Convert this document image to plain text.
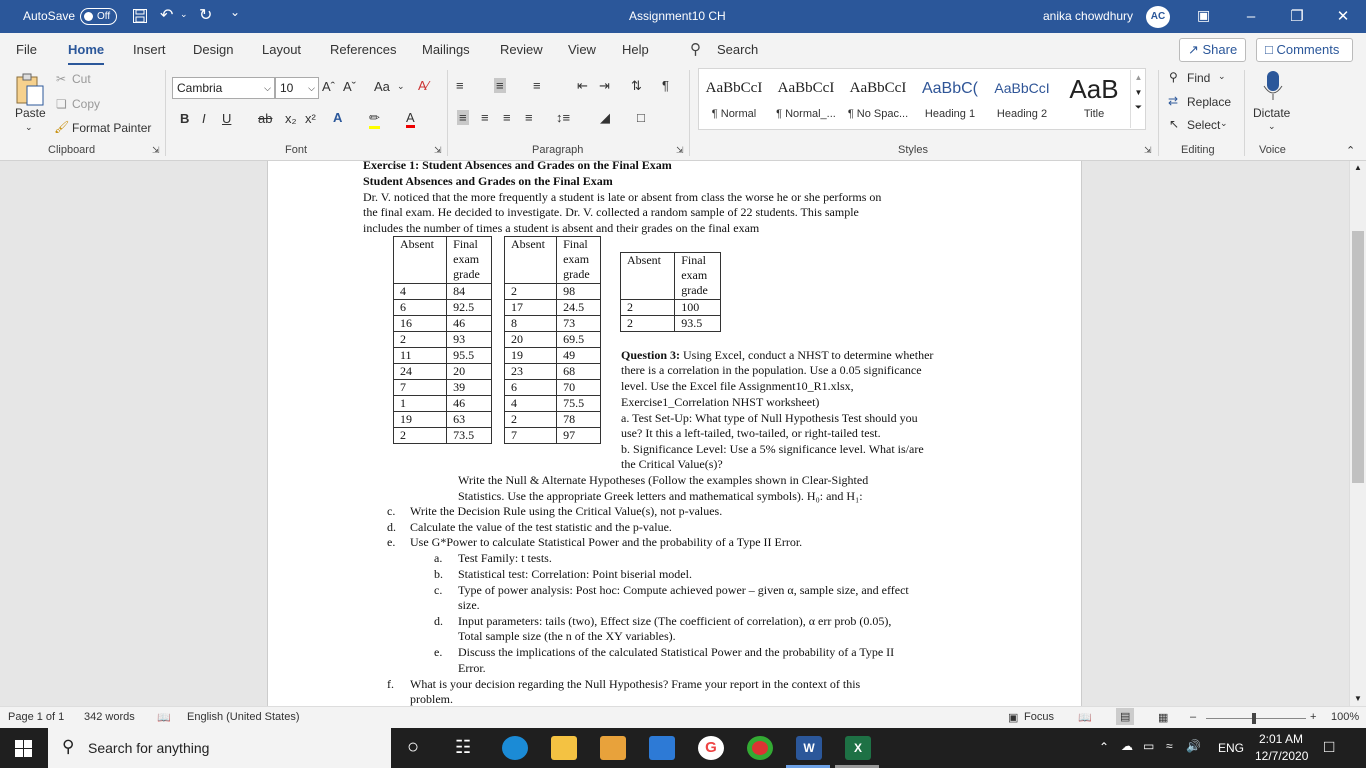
AutoSave Off	↶ ⌄ ↻ ⌄	Assignment10 CH	anika chowdhury	AC	▣	–	❐	✕
File Home Insert Design Layout References Mailings Review View Help	⚲ Search	↗ Share	□ Comments
Paste
⌄
✂ Cut
❏ Copy
🖌 Format Painter
Clipboard	⇲
Cambria	⌵ 10 ⌵ Aˆ Aˇ Aa ⌄ A∕
B I U ab x₂ x² A ✏ A
Font	⇲
≡ ≡ ≡	⇤ ⇥ ⇅ ¶
≡ ≡ ≡ ≡ ↕≡ ◢ □
Paragraph	⇲
AaBbCcI
¶ Normal
AaBbCcI
¶ Normal_...
AaBbCcI
¶ No Spac...
AaBbC(
Heading 1
AaBbCcI
Heading 2
AaB
Title
▲
▼
⏷
Styles	⇲
⚲ Find ⌄
⇄ Replace
↖ Select ⌄
Editing
Dictate
⌄
Voice	⌃
Exercise 1: Student Absences and Grades on the Final Exam
Student Absences and Grades on the Final Exam
Dr. V. noticed that the more frequently a student is late or absent from class the worse he or she performs on
the final exam. He decided to investigate. Dr. V. collected a random sample of 22 students. This sample
includes the number of times a student is absent and their grades on the final exam
Absent	Final
exam
grade

4	84
6	92.5
16	46
2	93
11	95.5
24	20
7	39
1	46
19	63
2	73.5
Absent	Final
exam
grade

2	98
17	24.5
8	73
20	69.5
19	49
23	68
6	70
4	75.5
2	78
7	97
Absent	Final
exam
grade

2	100
2	93.5
Question 3: Using Excel, conduct a NHST to determine whether
there is a correlation in the population. Use a 0.05 significance
level. Use the Excel file Assignment10_R1.xlsx,
Exercise1_Correlation NHST worksheet)
a. Test Set-Up: What type of Null Hypothesis Test should you
use? It this a left-tailed, two-tailed, or right-tailed test.
b. Significance Level: Use a 5% significance level. What is/are
the Critical Value(s)?
Write the Null & Alternate Hypotheses (Follow the examples shown in Clear-Sighted
Statistics. Use the appropriate Greek letters and mathematical symbols). H₀: and H₁:
c. Write the Decision Rule using the Critical Value(s), not p-values.
d. Calculate the value of the test statistic and the p-value.
e. Use G*Power to calculate Statistical Power and the probability of a Type II Error.
a. Test Family: t tests.
b. Statistical test: Correlation: Point biserial model.
c. Type of power analysis: Post hoc: Compute achieved power – given α, sample size, and effect
size.
d. Input parameters: tails (two), Effect size (The coefficient of correlation), α err prob (0.05),
Total sample size (the n of the XY variables).
e. Discuss the implications of the calculated Statistical Power and the probability of a Type II
Error.
f. What is your decision regarding the Null Hypothesis? Frame your report in the context of this
problem.
▲
▼
Page 1 of 1 342 words 📖 English (United States)	▣ Focus 📖	▤	▦ –	+ 100%
⚲ Search for anything	○ ☷	G	W	X	⌃ ☁ ▭ ≈ 🔊 ENG
2:01 AM
12/7/2020 □
